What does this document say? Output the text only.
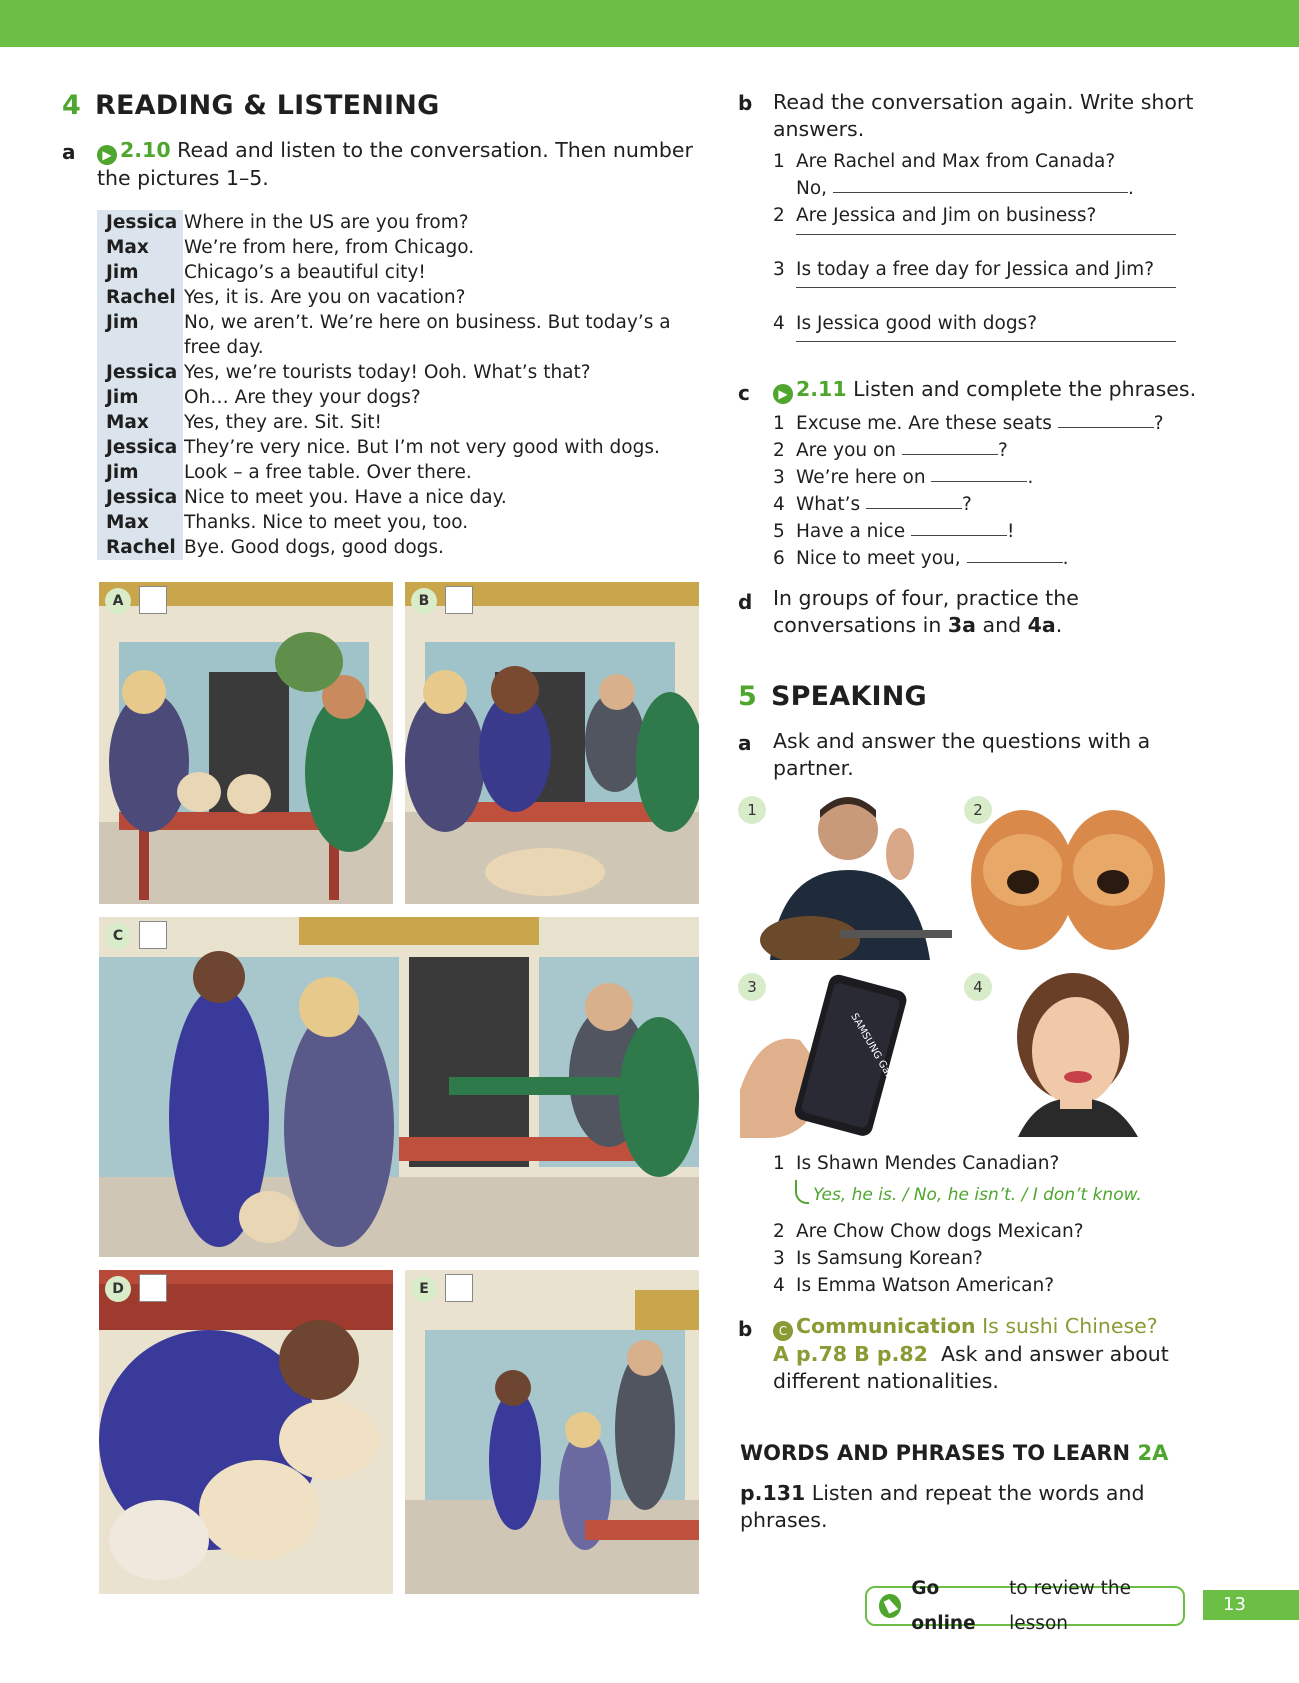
4 READING & LISTENING
a	▶ 2.10 Read and listen to the conversation. Then number
the pictures 1–5.
Jessica Where in the US are you from?
Max	We’re from here, from Chicago.
Jim	Chicago’s a beautiful city!
Rachel Yes, it is. Are you on vacation?
Jim	No, we aren’t. We’re here on business. But today’s a
free day.
Jessica Yes, we’re tourists today! Ooh. What’s that?
Jim	Oh… Are they your dogs?
Max	Yes, they are. Sit. Sit!
Jessica They’re very nice. But I’m not very good with dogs.
Jim	Look – a free table. Over there.
Jessica Nice to meet you. Have a nice day.
Max	Thanks. Nice to meet you, too.
Rachel Bye. Good dogs, good dogs.
A	B
C
D	E
b Read the conversation again. Write short
answers.
1 Are Rachel and Max from Canada?
No,
	.
2 Are Jessica and Jim on business?
3 Is today a free day for Jessica and Jim?
4 Is Jessica good with dogs?
c	▶ 2.11 Listen and complete the phrases.
1 Excuse me. Are these seats
	?
2 Are you on
	?
3 We’re here on
	.
4 What’s
	?
5 Have a nice
	!
6 Nice to meet you,
	.
d In groups of four, practice the
conversations in 3a and 4a.
5 SPEAKING
a Ask and answer the questions with a
partner.
1	2
SAMSUNG Galaxy A7
3	4
1 Is Shawn Mendes Canadian?
Yes, he is. / No, he isn’t. / I don’t know.
2 Are Chow Chow dogs Mexican?
3 Is Samsung Korean?
4 Is Emma Watson American?
b	C Communication Is sushi Chinese?
A p.78 B p.82 Ask and answer about
different nationalities.
WORDS AND PHRASES TO LEARN 2A
p.131 Listen and repeat the words and
phrases.
Go online

to review the lesson
13
